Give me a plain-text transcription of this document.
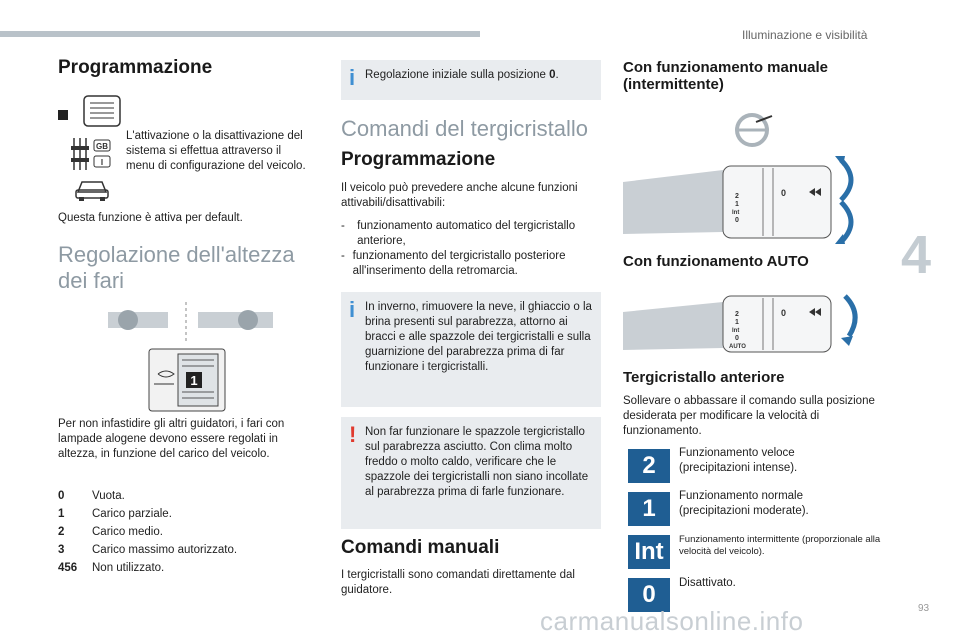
Illuminazione e visibilità
4
Programmazione
GB
I
L'attivazione o la disattivazione del sistema si effettua attraverso il menu di configurazione del veicolo.
Questa funzione è attiva per default.
Regolazione dell'altezza dei fari
1
Per non infastidire gli altri guidatori, i fari con lampade alogene devono essere regolati in altezza, in funzione del carico del veicolo.
0	Vuota.
1	Carico parziale.
2	Carico medio.
3	Carico massimo autorizzato.
456	Non utilizzato.
i Regolazione iniziale sulla posizione 0.
Comandi del tergicristallo
Programmazione
Il veicolo può prevedere anche alcune funzioni attivabili/disattivabili:
-	funzionamento automatico del tergicristallo anteriore,
- funzionamento del tergicristallo posteriore all'inserimento della retromarcia.
i In inverno, rimuovere la neve, il ghiaccio o la brina presenti sul parabrezza, attorno ai bracci e alle spazzole dei tergicristalli e sulla guarnizione del parabrezza prima di far funzionare i tergicristalli.
! Non far funzionare le spazzole tergicristallo sul parabrezza asciutto. Con clima molto freddo o molto caldo, verificare che le spazzole dei tergicristalli non siano incollate al parabrezza prima di farle funzionare.
Comandi manuali
I tergicristalli sono comandati direttamente dal guidatore.
Con funzionamento manuale (intermittente)
2
1
Int
0
0
Con funzionamento AUTO
2
1
Int
0
AUTO
0
Tergicristallo anteriore
Sollevare o abbassare il comando sulla posizione desiderata per modificare la velocità di funzionamento.
2	Funzionamento veloce (precipitazioni intense).
1	Funzionamento normale (precipitazioni moderate).
Int	Funzionamento intermittente (proporzionale alla velocità del veicolo).
0	Disattivato.
carmanualsonline.info	93
